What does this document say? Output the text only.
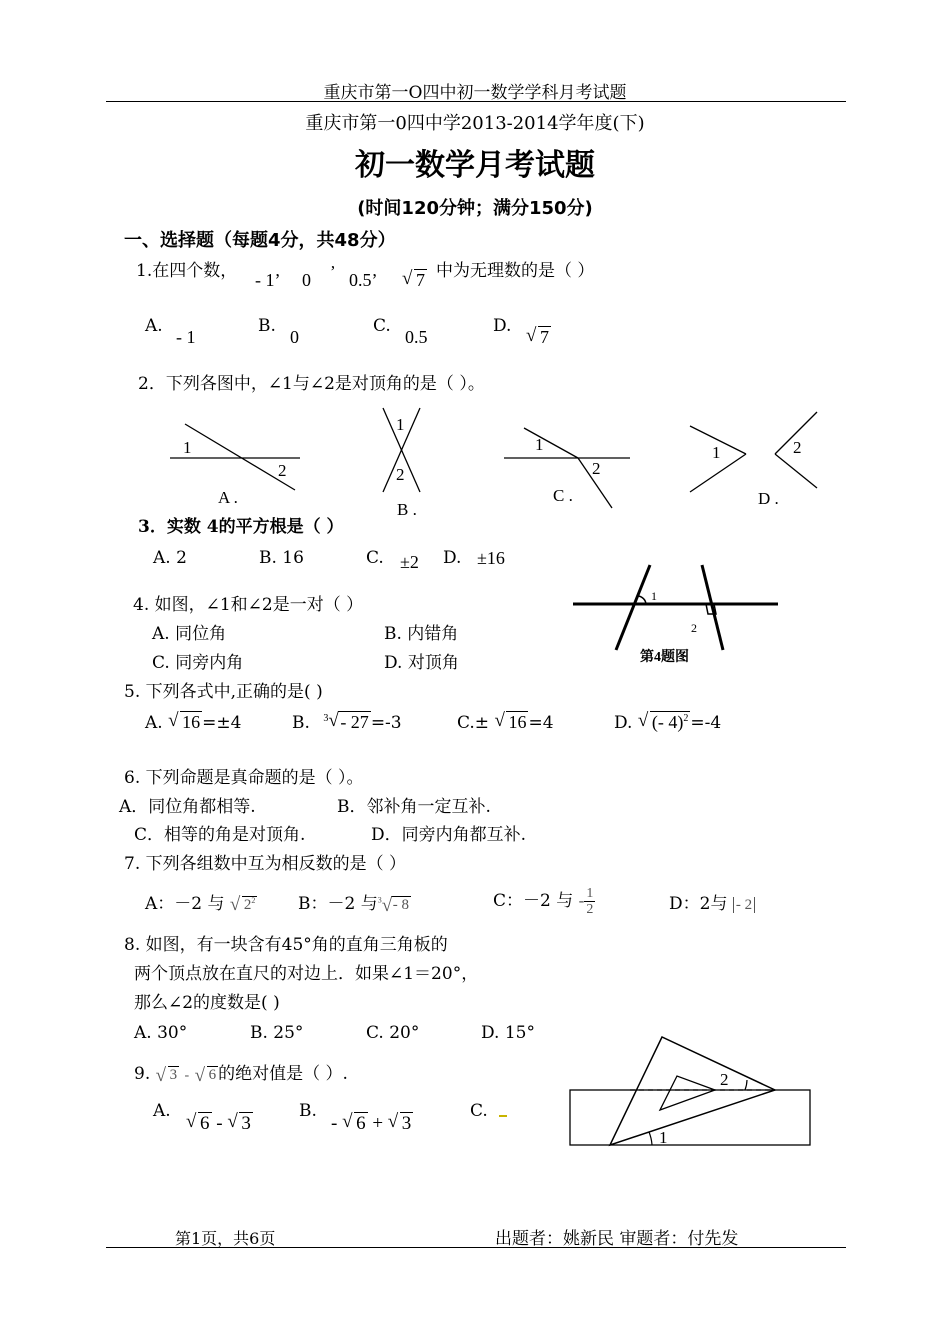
重庆市第一O四中初一数学学科月考试题
重庆市第一0四中学2013-2014学年度(下)
初一数学月考试题
(时间120分钟；满分150分)
一、选择题（每题4分，共48分）
1.在四个数， - 1’ 0 ’ 0.5’ √ 7 中为无理数的是（ ）
A.
- 1
B.
0
C.
0.5
D. √ 7
2．下列各图中，∠1与∠2是对顶角的是（ ）。
1
2
A .
1
2
B .
1
2
C .
1	2
D .
3．实数 4的平方根是（ ）
A. 2	B. 16	C. ±2 D. ±16
4. 如图，∠1和∠2是一对（ ）
A. 同位角	B. 内错角
C. 同旁内角	D. 对顶角
1
2
第4题图
5. 下列各式中,正确的是( )
A. √ 16 =±4	B. $^3$ √ - 27 =-3	C.± √ 16 =4	D. √ (- 4)$^2$ =-4
6. 下列命题是真命题的是（ ）。
A．同位角都相等.	B．邻补角一定互补.
C．相等的角是对顶角.	D．同旁内角都互补.
7. 下列各组数中互为相反数的是（ ）
A：－2 与 √ $2^2$	B：－2 与$^3$ √ - 8	C：－2 与 - $\frac{1}{2}$	D：2与 - 2
8. 如图，有一块含有45°角的直角三角板的
两个顶点放在直尺的对边上．如果∠1＝20°，
那么∠2的度数是( )
A. 30°	B. 25°	C. 20°	D. 15°
9. √ 3 - √ 6 的绝对值是（ ）.
A. √ 6 - √ 3
B.
- √ 6 + √ 3
C.
1
2
第1页，共6页	出题者：姚新民 审题者：付先发
